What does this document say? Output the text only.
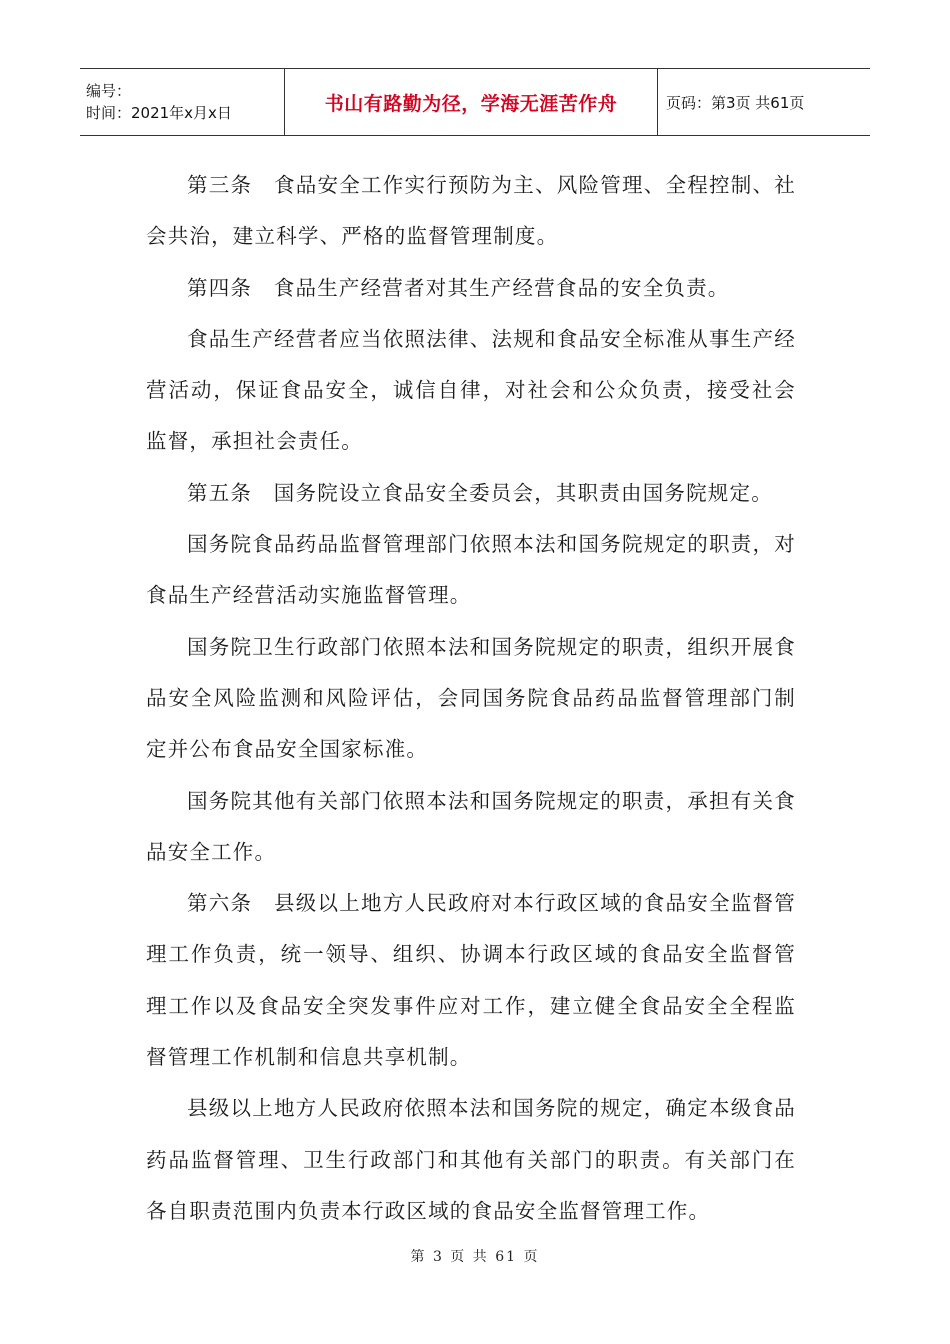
编号：
时间：2021年x月x日	书山有路勤为径，学海无涯苦作舟	页码：第3页 共61页

第三条　食品安全工作实行预防为主、风险管理、全程控制、社会共治，建立科学、严格的监督管理制度。

第四条　食品生产经营者对其生产经营食品的安全负责。

食品生产经营者应当依照法律、法规和食品安全标准从事生产经营活动，保证食品安全，诚信自律，对社会和公众负责，接受社会监督，承担社会责任。

第五条　国务院设立食品安全委员会，其职责由国务院规定。

国务院食品药品监督管理部门依照本法和国务院规定的职责，对食品生产经营活动实施监督管理。

国务院卫生行政部门依照本法和国务院规定的职责，组织开展食品安全风险监测和风险评估，会同国务院食品药品监督管理部门制定并公布食品安全国家标准。

国务院其他有关部门依照本法和国务院规定的职责，承担有关食品安全工作。

第六条　县级以上地方人民政府对本行政区域的食品安全监督管理工作负责，统一领导、组织、协调本行政区域的食品安全监督管理工作以及食品安全突发事件应对工作，建立健全食品安全全程监督管理工作机制和信息共享机制。

县级以上地方人民政府依照本法和国务院的规定，确定本级食品药品监督管理、卫生行政部门和其他有关部门的职责。有关部门在各自职责范围内负责本行政区域的食品安全监督管理工作。

第 3 页 共 61 页
